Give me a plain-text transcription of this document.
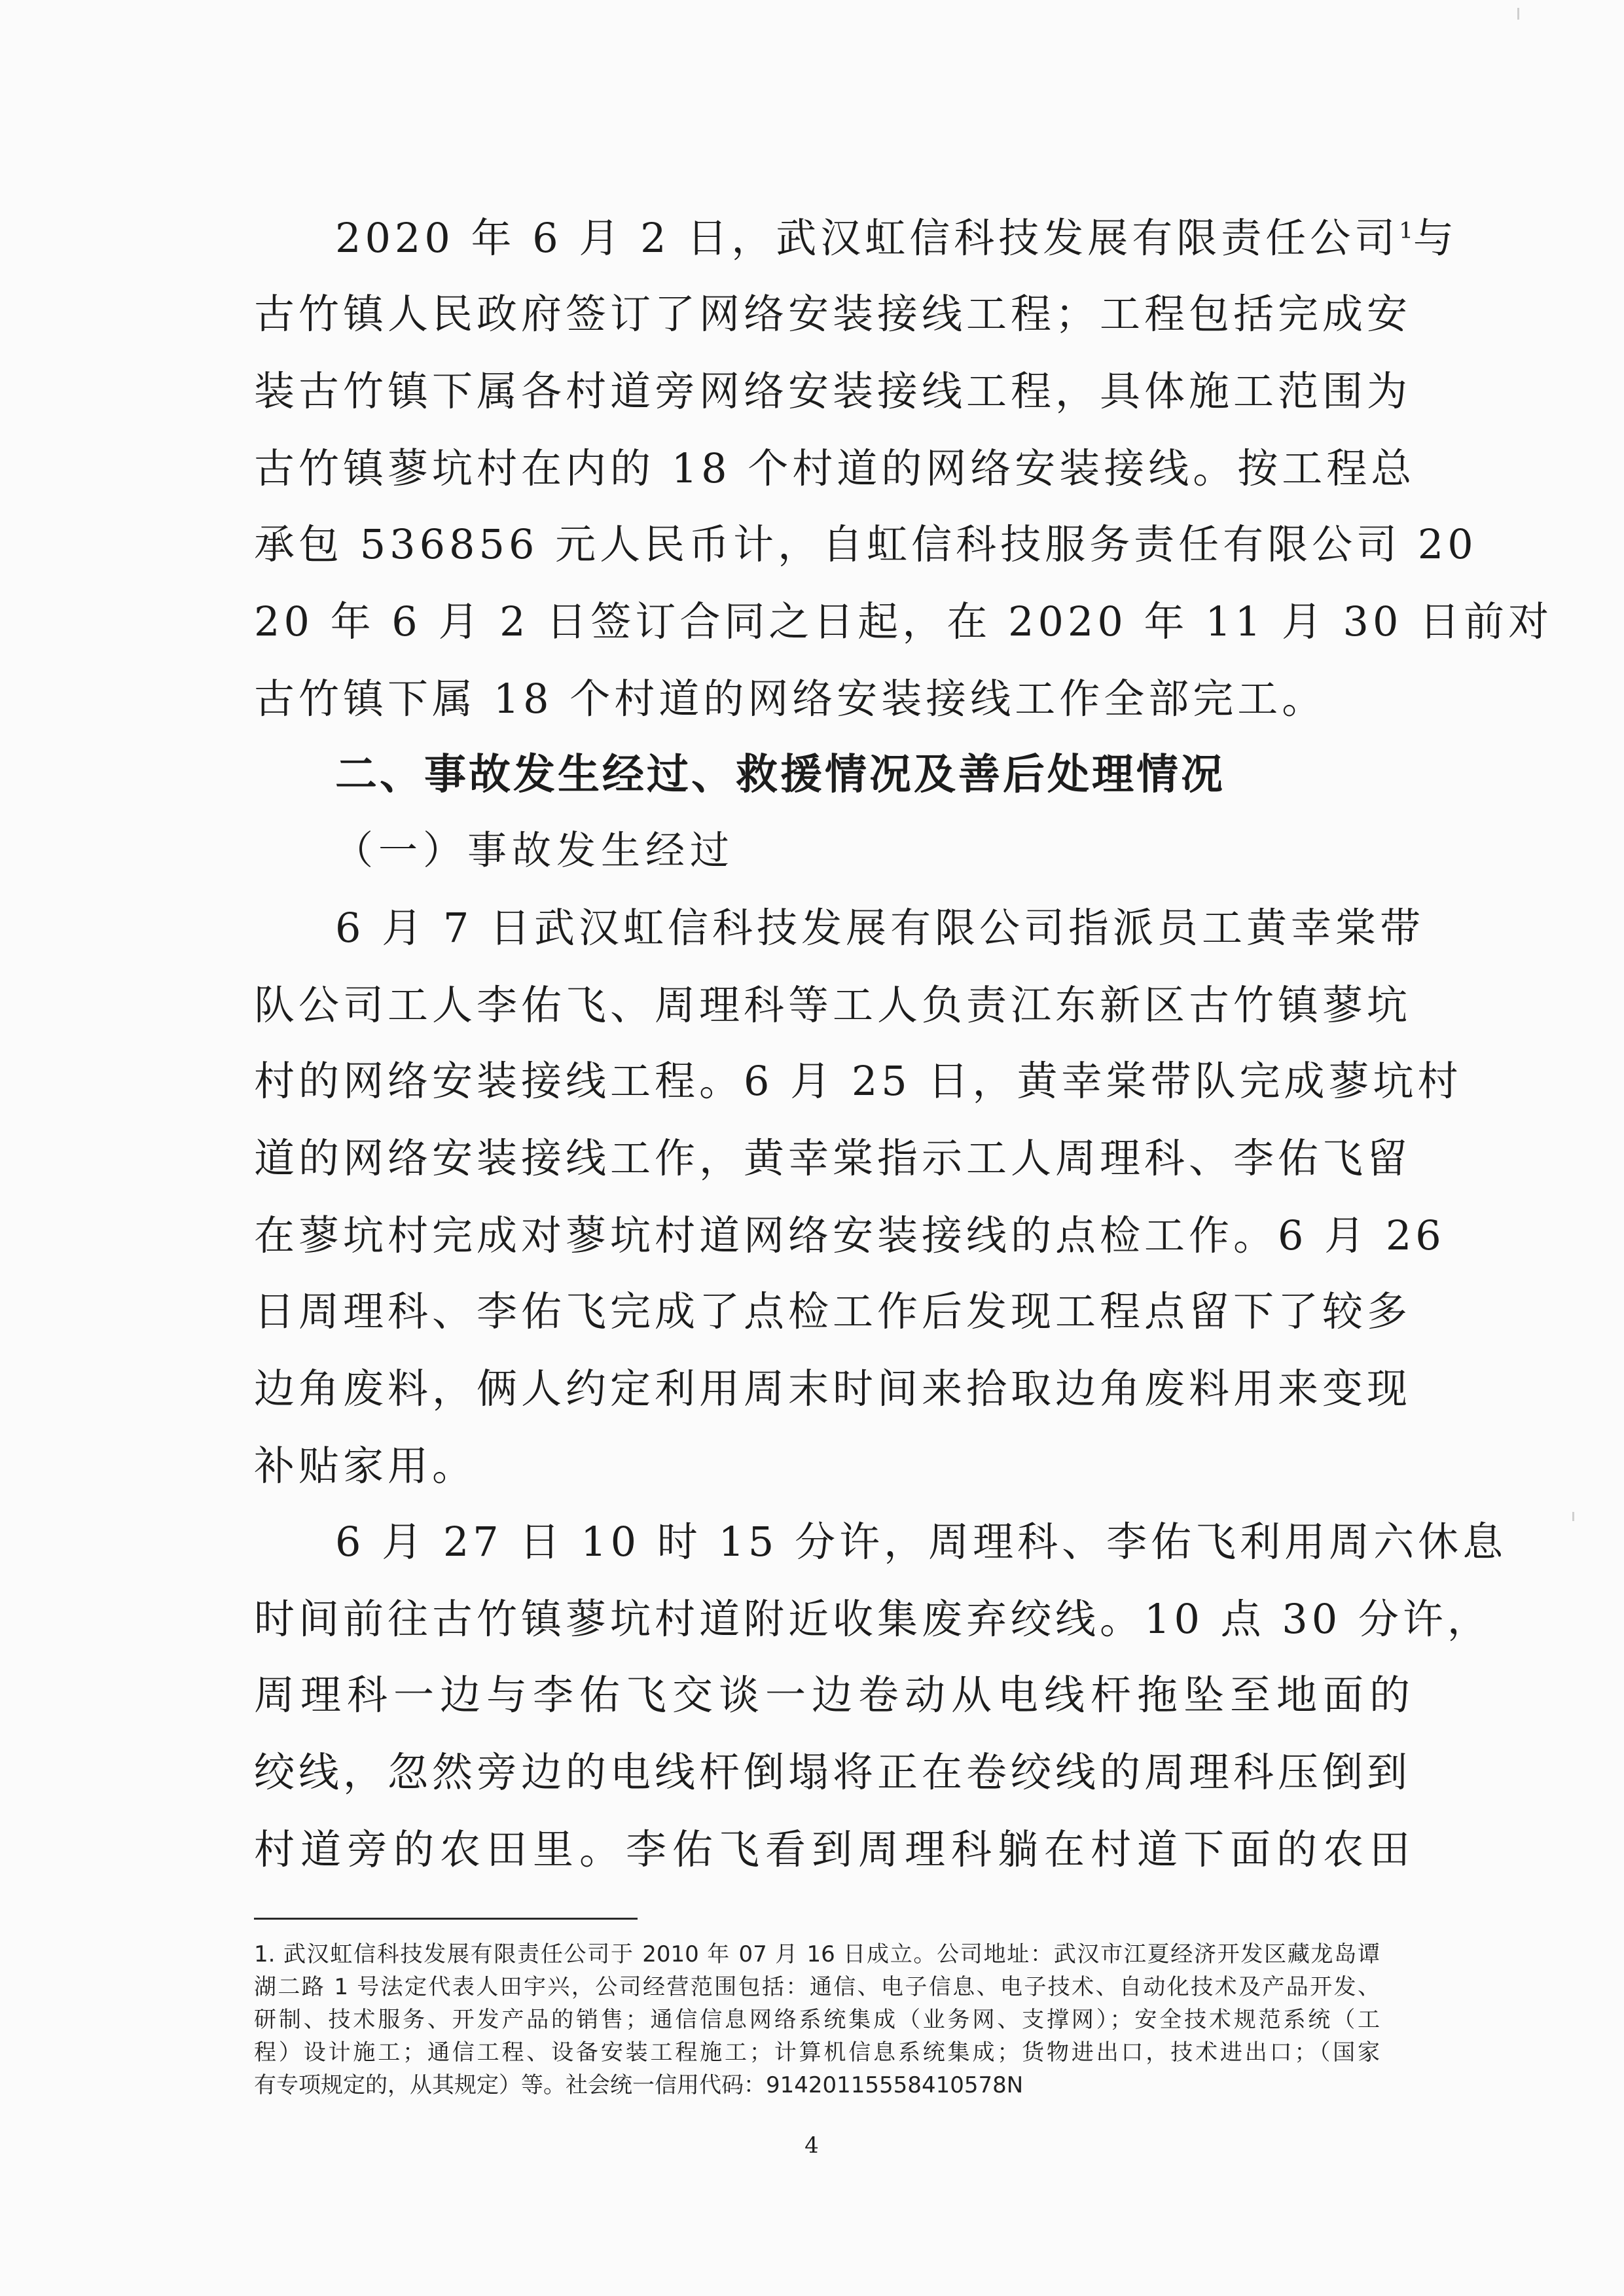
2020 年 6 月 2 日，武汉虹信科技发展有限责任公司$^1$与
古竹镇人民政府签订了网络安装接线工程；工程包括完成安
装古竹镇下属各村道旁网络安装接线工程，具体施工范围为
古竹镇蓼坑村在内的 18 个村道的网络安装接线。按工程总
承包 536856 元人民币计，自虹信科技服务责任有限公司 20
20 年 6 月 2 日签订合同之日起，在 2020 年 11 月 30 日前对
古竹镇下属 18 个村道的网络安装接线工作全部完工。
二、事故发生经过、救援情况及善后处理情况
（一）事故发生经过
6 月 7 日武汉虹信科技发展有限公司指派员工黄幸棠带
队公司工人李佑飞、周理科等工人负责江东新区古竹镇蓼坑
村的网络安装接线工程。6 月 25 日，黄幸棠带队完成蓼坑村
道的网络安装接线工作，黄幸棠指示工人周理科、李佑飞留
在蓼坑村完成对蓼坑村道网络安装接线的点检工作。6 月 26
日周理科、李佑飞完成了点检工作后发现工程点留下了较多
边角废料，俩人约定利用周末时间来拾取边角废料用来变现
补贴家用。
6 月 27 日 10 时 15 分许，周理科、李佑飞利用周六休息
时间前往古竹镇蓼坑村道附近收集废弃绞线。10 点 30 分许，
周理科一边与李佑飞交谈一边卷动从电线杆拖坠至地面的
绞线，忽然旁边的电线杆倒塌将正在卷绞线的周理科压倒到
村道旁的农田里。李佑飞看到周理科躺在村道下面的农田
1. 武汉虹信科技发展有限责任公司于 2010 年 07 月 16 日成立。公司地址：武汉市江夏经济开发区藏龙岛谭
湖二路 1 号法定代表人田宇兴，公司经营范围包括：通信、电子信息、电子技术、自动化技术及产品开发、
研制、技术服务、开发产品的销售；通信信息网络系统集成（业务网、支撑网）；安全技术规范系统（工
程）设计施工；通信工程、设备安装工程施工；计算机信息系统集成；货物进出口，技术进出口；（国家
有专项规定的，从其规定）等。社会统一信用代码：91420115558410578N
4
